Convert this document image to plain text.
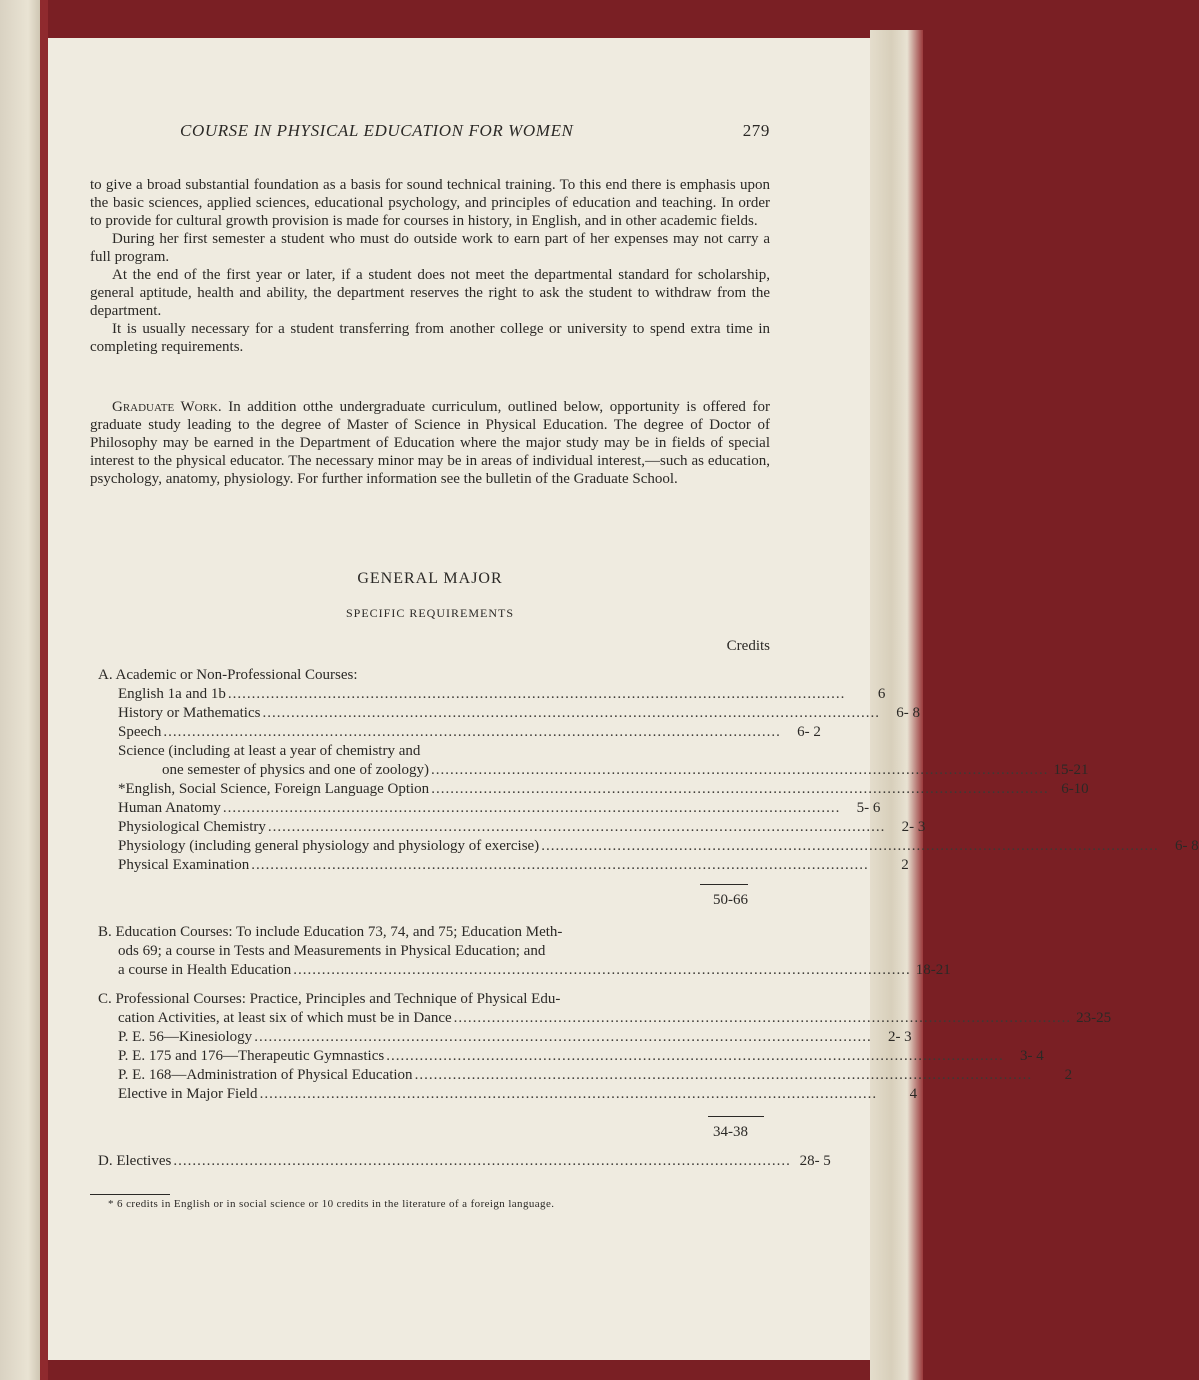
COURSE IN PHYSICAL EDUCATION FOR WOMEN	279

to give a broad substantial foundation as a basis for sound technical training. To this end there is emphasis upon the basic sciences, applied sciences, educational psychology, and principles of education and teaching. In order to provide for cultural growth provision is made for courses in history, in English, and in other academic fields.

During her first semester a student who must do outside work to earn part of her expenses may not carry a full program.

At the end of the first year or later, if a student does not meet the departmental standard for scholarship, general aptitude, health and ability, the department reserves the right to ask the student to withdraw from the department.

It is usually necessary for a student transferring from another college or university to spend extra time in completing requirements.

Graduate Work. In addition otthe undergraduate curriculum, outlined below, opportunity is offered for graduate study leading to the degree of Master of Science in Physical Education. The degree of Doctor of Philosophy may be earned in the Department of Education where the major study may be in fields of special interest to the physical educator. The necessary minor may be in areas of individual interest,—such as education, psychology, anatomy, physiology. For further information see the bulletin of the Graduate School.

GENERAL MAJOR
SPECIFIC REQUIREMENTS
Credits
A. Academic or Non-Professional Courses:
English 1a and 1b ..................................................................................................................................	6
History or Mathematics ..................................................................................................................................	6- 8
Speech ..................................................................................................................................	6- 2
Science (including at least a year of chemistry and
one semester of physics and one of zoology) .................................................................................................................................. 15-21
*English, Social Science, Foreign Language Option .................................................................................................................................. 6-10
Human Anatomy ..................................................................................................................................	5- 6
Physiological Chemistry ..................................................................................................................................	2- 3
Physiology (including general physiology and physiology of exercise) ..................................................................................................................................	6- 8
Physical Examination ..................................................................................................................................	2
50-66
B. Education Courses: To include Education 73, 74, and 75; Education Meth-
ods 69; a course in Tests and Measurements in Physical Education; and
a course in Health Education .................................................................................................................................. 18-21
C. Professional Courses: Practice, Principles and Technique of Physical Edu-
cation Activities, at least six of which must be in Dance .................................................................................................................................. 23-25
P. E. 56—Kinesiology ..................................................................................................................................	2- 3
P. E. 175 and 176—Therapeutic Gymnastics ..................................................................................................................................	3- 4
P. E. 168—Administration of Physical Education ..................................................................................................................................	2
Elective in Major Field ..................................................................................................................................	4
34-38
D. Electives .................................................................................................................................. 28- 5
* 6 credits in English or in social science or 10 credits in the literature of a foreign language.
